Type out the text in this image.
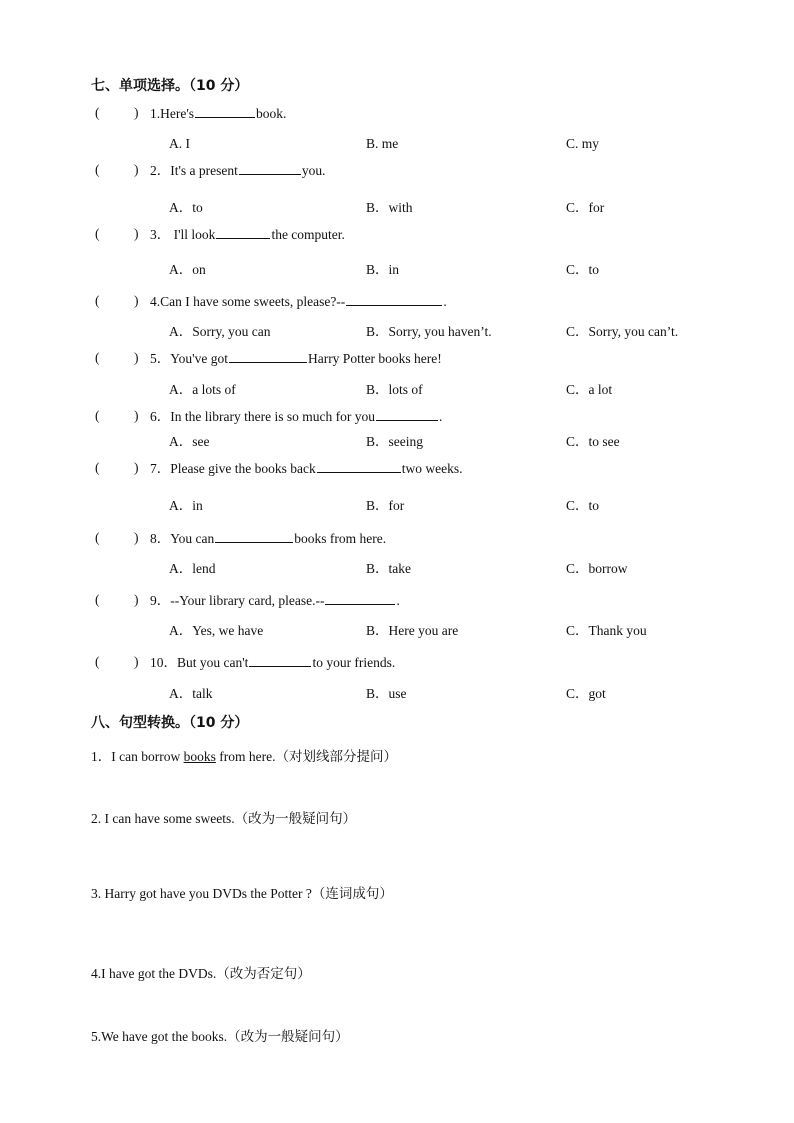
七、单项选择。（10 分）
(	) 1.Here's	book.
A. I	B. me	C. my
(	) 2．It's a present	you.
A．to	B．with	C．for
(	) 3． I'll look	the computer.
A．on	B．in	C．to
(	) 4.Can I have some sweets, please?--	.
A．Sorry, you can	B．Sorry, you haven’t.	C．Sorry, you can’t.
(	) 5．You've got	Harry Potter books here!
A．a lots of	B．lots of	C．a lot
(	) 6．In the library there is so much for you	.
A．see	B．seeing	C．to see
(	) 7．Please give the books back	two weeks.
A．in	B．for	C．to
(	) 8．You can	books from here.
A．lend	B．take	C．borrow
(	) 9．--Your library card, please.--	.
A．Yes, we have	B．Here you are	C．Thank you
(	) 10．But you can't	to your friends.
A．talk	B．use	C．got
八、句型转换。（10 分）
1．I can borrow books from here.（对划线部分提问）
2. I can have some sweets.（改为一般疑问句）
3. Harry got have you DVDs the Potter ?（连词成句）
4.I have got the DVDs.（改为否定句）
5.We have got the books.（改为一般疑问句）
